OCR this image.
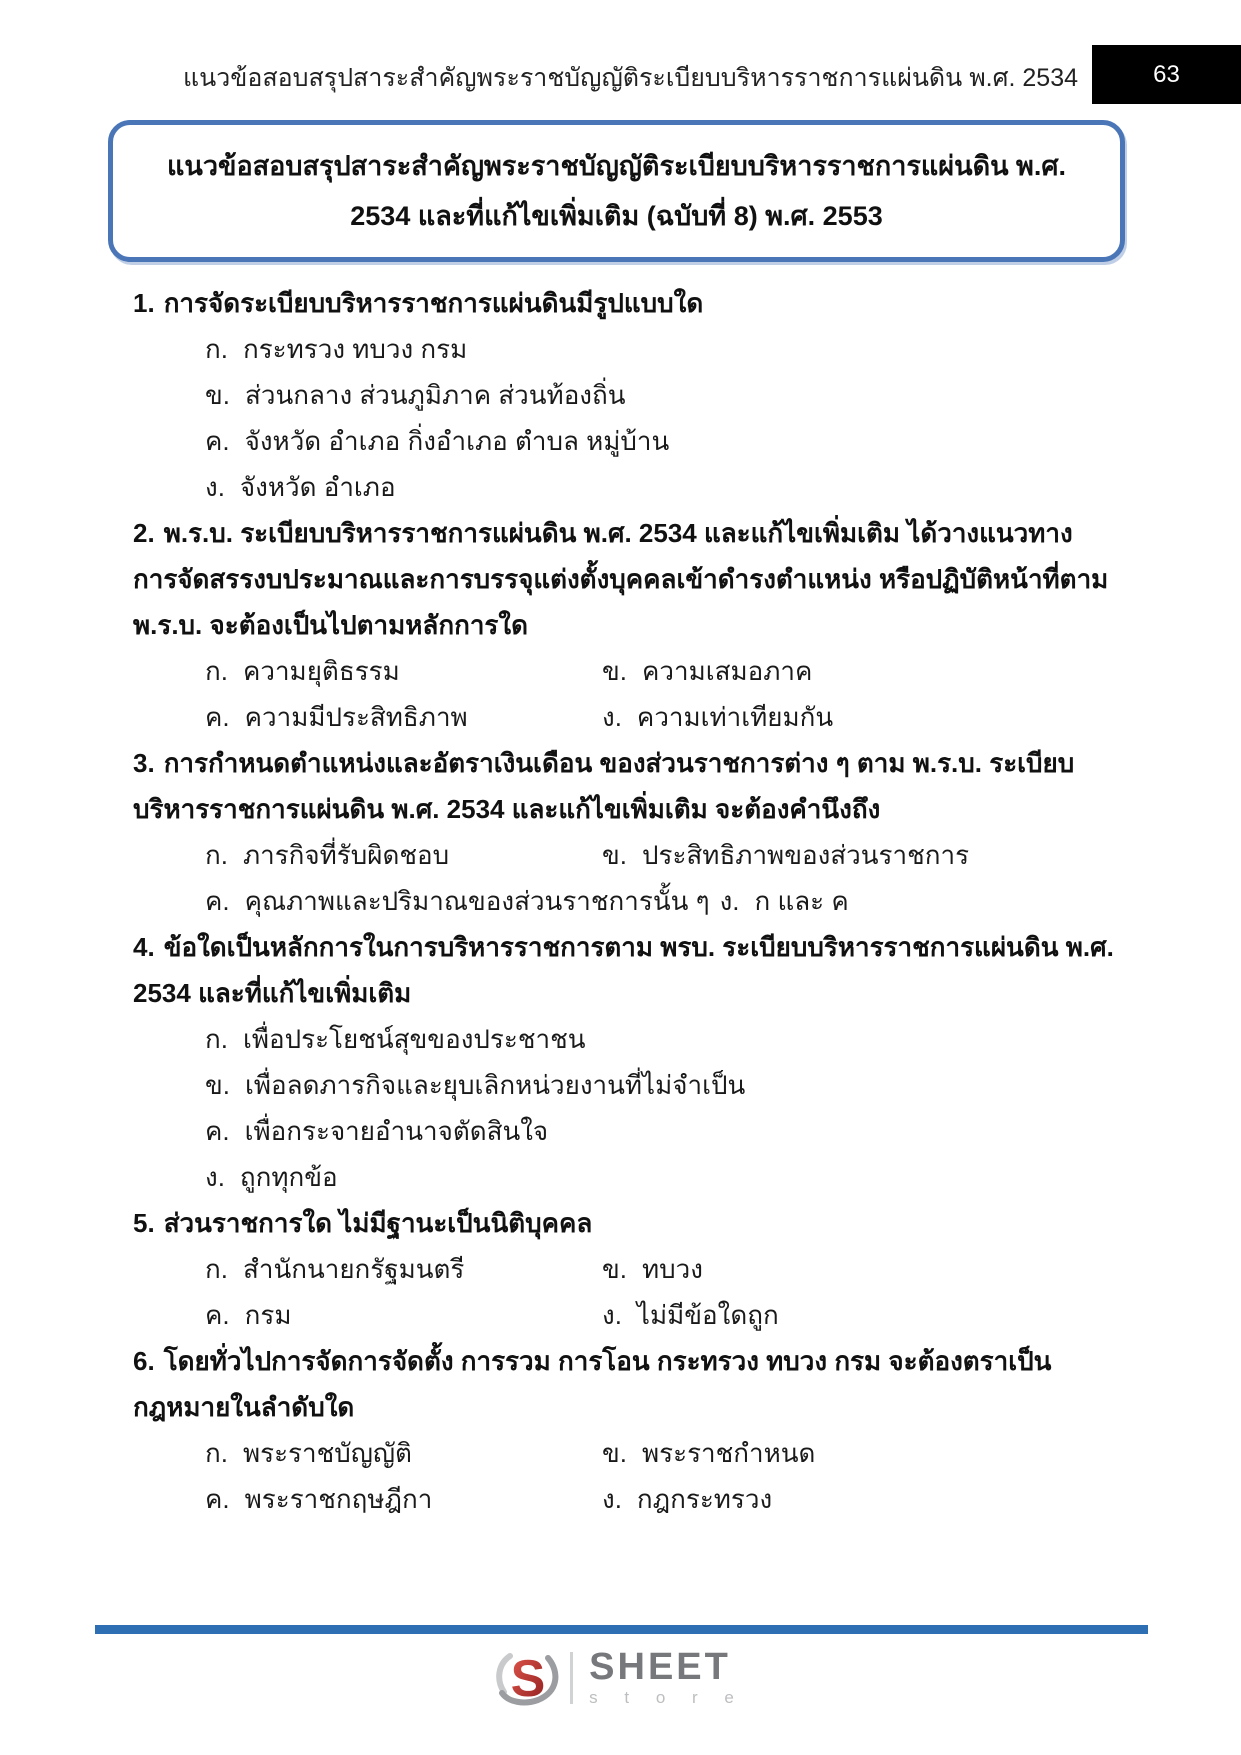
แนวข้อสอบสรุปสาระสำคัญพระราชบัญญัติระเบียบบริหารราชการแผ่นดิน พ.ศ. 2534	63
แนวข้อสอบสรุปสาระสำคัญพระราชบัญญัติระเบียบบริหารราชการแผ่นดิน พ.ศ. 2534 และที่แก้ไขเพิ่มเติม (ฉบับที่ 8) พ.ศ. 2553
1. การจัดระเบียบบริหารราชการแผ่นดินมีรูปแบบใด
ก. กระทรวง ทบวง กรม
ข. ส่วนกลาง ส่วนภูมิภาค ส่วนท้องถิ่น
ค. จังหวัด อำเภอ กิ่งอำเภอ ตำบล หมู่บ้าน
ง. จังหวัด อำเภอ
2. พ.ร.บ. ระเบียบบริหารราชการแผ่นดิน พ.ศ. 2534 และแก้ไขเพิ่มเติม ได้วางแนวทางการจัดสรรงบประมาณและการบรรจุแต่งตั้งบุคคลเข้าดำรงตำแหน่ง หรือปฏิบัติหน้าที่ตาม พ.ร.บ. จะต้องเป็นไปตามหลักการใด
ก. ความยุติธรรม	ข. ความเสมอภาค
ค. ความมีประสิทธิภาพ	ง. ความเท่าเทียมกัน
3. การกำหนดตำแหน่งและอัตราเงินเดือน ของส่วนราชการต่าง ๆ ตาม พ.ร.บ. ระเบียบบริหารราชการแผ่นดิน พ.ศ. 2534 และแก้ไขเพิ่มเติม จะต้องคำนึงถึง
ก. ภารกิจที่รับผิดชอบ	ข. ประสิทธิภาพของส่วนราชการ
ค. คุณภาพและปริมาณของส่วนราชการนั้น ๆ ง. ก และ ค
4. ข้อใดเป็นหลักการในการบริหารราชการตาม พรบ. ระเบียบบริหารราชการแผ่นดิน พ.ศ. 2534 และที่แก้ไขเพิ่มเติม
ก. เพื่อประโยชน์สุขของประชาชน
ข. เพื่อลดภารกิจและยุบเลิกหน่วยงานที่ไม่จำเป็น
ค. เพื่อกระจายอำนาจตัดสินใจ
ง. ถูกทุกข้อ
5. ส่วนราชการใด ไม่มีฐานะเป็นนิติบุคคล
ก. สำนักนายกรัฐมนตรี	ข. ทบวง
ค. กรม	ง. ไม่มีข้อใดถูก
6. โดยทั่วไปการจัดการจัดตั้ง การรวม การโอน กระทรวง ทบวง กรม จะต้องตราเป็นกฎหมายในลำดับใด
ก. พระราชบัญญัติ	ข. พระราชกำหนด
ค. พระราชกฤษฎีกา	ง. กฎกระทรวง
S SHEET
s t o r e
